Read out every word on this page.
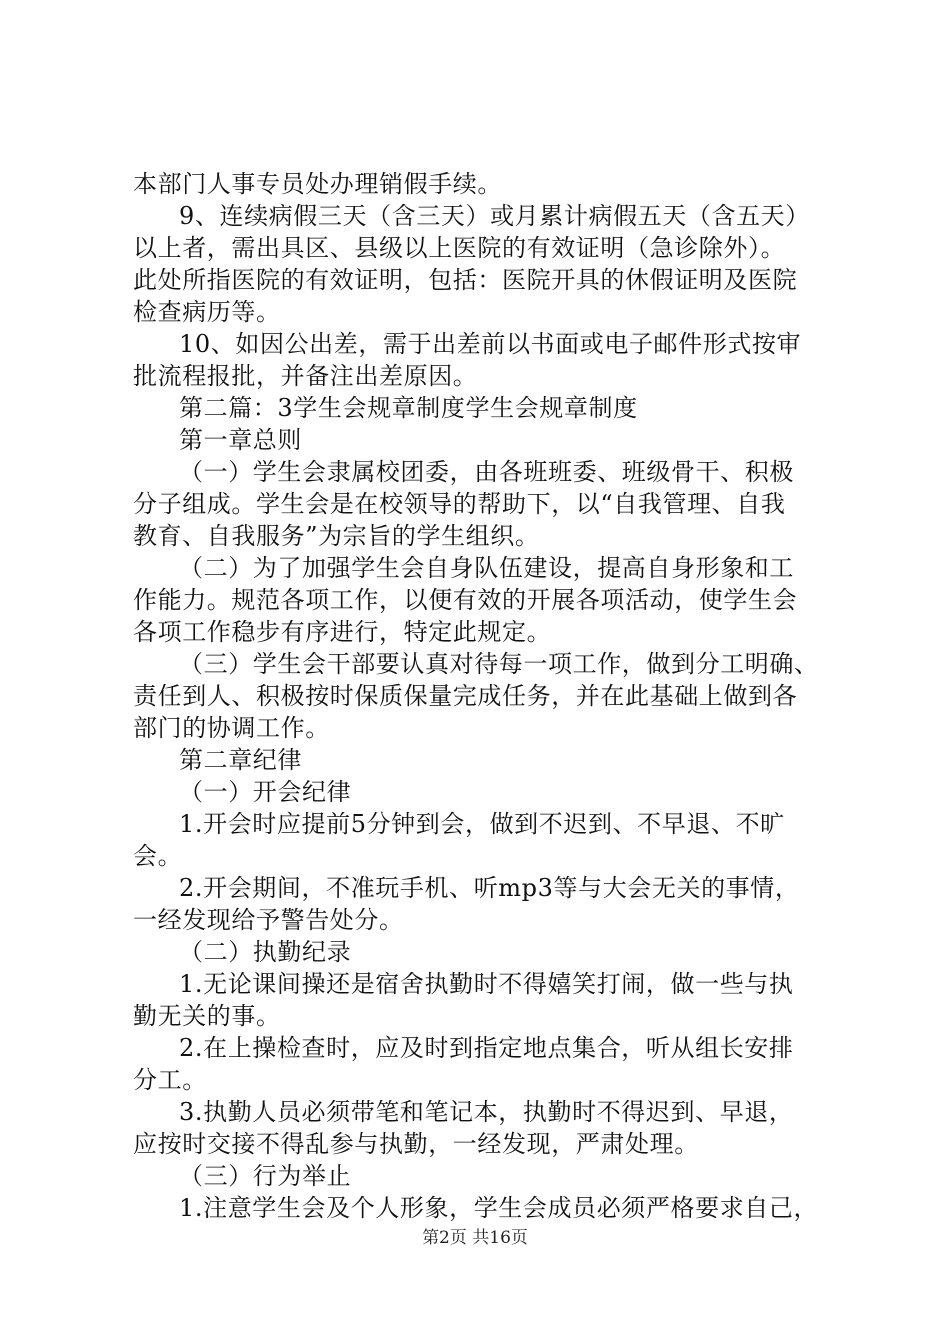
本部门人事专员处办理销假手续。
9、连续病假三天（含三天）或月累计病假五天（含五天）
以上者，需出具区、县级以上医院的有效证明（急诊除外）。
此处所指医院的有效证明，包括：医院开具的休假证明及医院
检查病历等。
10、如因公出差，需于出差前以书面或电子邮件形式按审
批流程报批，并备注出差原因。
第二篇：3学生会规章制度学生会规章制度
第一章总则
（一）学生会隶属校团委，由各班班委、班级骨干、积极
分子组成。学生会是在校领导的帮助下，以“自我管理、自我
教育、自我服务”为宗旨的学生组织。
（二）为了加强学生会自身队伍建设，提高自身形象和工
作能力。规范各项工作，以便有效的开展各项活动，使学生会
各项工作稳步有序进行，特定此规定。
（三）学生会干部要认真对待每一项工作，做到分工明确、
责任到人、积极按时保质保量完成任务，并在此基础上做到各
部门的协调工作。
第二章纪律
（一）开会纪律
1.开会时应提前5分钟到会，做到不迟到、不早退、不旷
会。
2.开会期间，不准玩手机、听mp3等与大会无关的事情，
一经发现给予警告处分。
（二）执勤纪录
1.无论课间操还是宿舍执勤时不得嬉笑打闹，做一些与执
勤无关的事。
2.在上操检查时，应及时到指定地点集合，听从组长安排
分工。
3.执勤人员必须带笔和笔记本，执勤时不得迟到、早退，
应按时交接不得乱参与执勤，一经发现，严肃处理。
（三）行为举止
1.注意学生会及个人形象，学生会成员必须严格要求自己，
第2页 共16页
